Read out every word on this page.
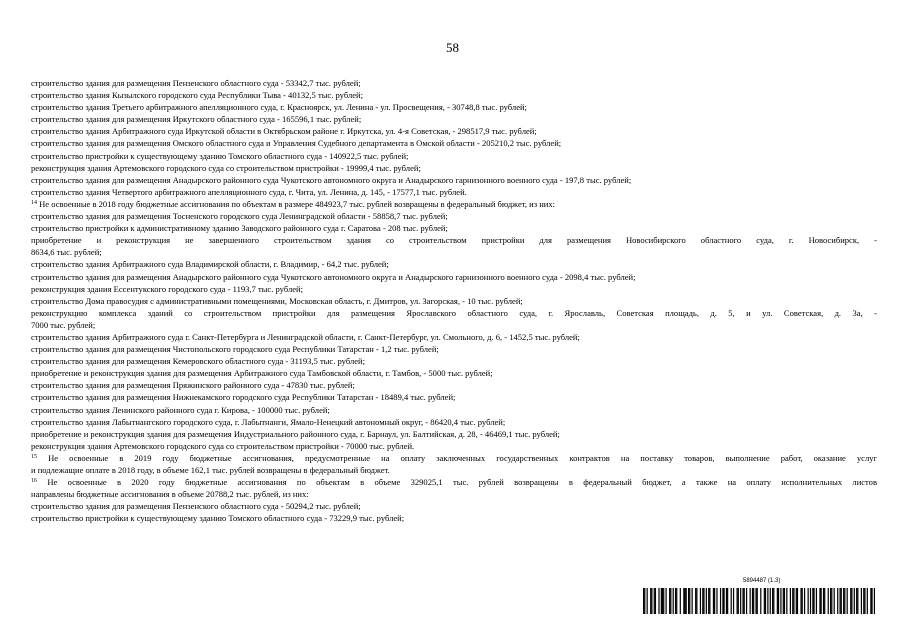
58
строительство здания для размещения Пензенского областного суда - 53342,7 тыс. рублей;
строительство здания Кызылского городского суда Республики Тыва - 40132,5 тыс. рублей;
строительство здания Третьего арбитражного апелляционного суда, г. Красноярск, ул. Ленина - ул. Просвещения, - 30748,8 тыс. рублей;
строительство здания для размещения Иркутского областного суда - 165596,1 тыс. рублей;
строительство здания Арбитражного суда Иркутской области в Октябрьском районе г. Иркутска, ул. 4-я Советская, - 298517,9 тыс. рублей;
строительство здания для размещения Омского областного суда и Управления Судебного департамента в Омской области - 205210,2 тыс. рублей;
строительство пристройки к существующему зданию Томского областного суда - 140922,5 тыс. рублей;
реконструкция здания Артемовского городского суда со строительством пристройки - 19999,4 тыс. рублей;
строительство здания для размещения Анадырского районного суда Чукотского автономного округа и Анадырского гарнизонного военного суда - 197,8 тыс. рублей;
строительство здания Четвертого арбитражного апелляционного суда, г. Чита, ул. Ленина, д. 145, - 17577,1 тыс. рублей.
$^{14}$ Не освоенные в 2018 году бюджетные ассигнования по объектам в размере 484923,7 тыс. рублей возвращены в федеральный бюджет, из них:
строительство здания для размещения Тосненского городского суда Ленинградской области - 58858,7 тыс. рублей;
строительство пристройки к административному зданию Заводского районного суда г. Саратова - 208 тыс. рублей;
приобретение и реконструкция не завершенного строительством здания со строительством пристройки для размещения Новосибирского областного суда, г. Новосибирск, -
8634,6 тыс. рублей;
строительство здания Арбитражного суда Владимирской области, г. Владимир, - 64,2 тыс. рублей;
строительство здания для размещения Анадырского районного суда Чукотского автономного округа и Анадырского гарнизонного военного суда - 2098,4 тыс. рублей;
реконструкция здания Ессентукского городского суда - 1193,7 тыс. рублей;
строительство Дома правосудия с административными помещениями, Московская область, г. Дмитров, ул. Загорская, - 10 тыс. рублей;
реконструкцию комплекса зданий со строительством пристройки для размещения Ярославского областного суда, г. Ярославль, Советская площадь, д. 5, и ул. Советская, д. 3а, -
7000 тыс. рублей;
строительство здания Арбитражного суда г. Санкт-Петербурга и Ленинградской области, г. Санкт-Петербург, ул. Смольного, д. 6, - 1452,5 тыс. рублей;
строительство здания для размещения Чистопольского городского суда Республики Татарстан - 1,2 тыс. рублей;
строительство здания для размещения Кемеровского областного суда - 31193,5 тыс. рублей;
приобретение и реконструкция здания для размещения Арбитражного суда Тамбовской области, г. Тамбов, - 5000 тыс. рублей;
строительство здания для размещения Пряжинского районного суда - 47830 тыс. рублей;
строительство здания для размещения Нижнекамского городского суда Республики Татарстан - 18489,4 тыс. рублей;
строительство здания Ленинского районного суда г. Кирова, - 100000 тыс. рублей;
строительство здания Лабытнангского городского суда, г. Лабытнанги, Ямало-Ненецкий автономный округ, - 86420,4 тыс. рублей;
приобретение и реконструкция здания для размещения Индустриального районного суда, г. Барнаул, ул. Балтийская, д. 28, - 46469,1 тыс. рублей;
реконструкция здания Артемовского городского суда со строительством пристройки - 70000 тыс. рублей.
$^{15}$ Не освоенные в 2019 году бюджетные ассигнования, предусмотренные на оплату заключенных государственных контрактов на поставку товаров, выполнение работ, оказание услуг
и подлежащие оплате в 2018 году, в объеме 162,1 тыс. рублей возвращены в федеральный бюджет.
$^{16}$ Не освоенные в 2020 году бюджетные ассигнования по объектам в объеме 329025,1 тыс. рублей возвращены в федеральный бюджет, а также на оплату исполнительных листов
направлены бюджетные ассигнования в объеме 20788,2 тыс. рублей, из них:
строительство здания для размещения Пензенского областного суда - 50294,2 тыс. рублей;
строительство пристройки к существующему зданию Томского областного суда - 73229,9 тыс. рублей;
5894487 (1.3)
